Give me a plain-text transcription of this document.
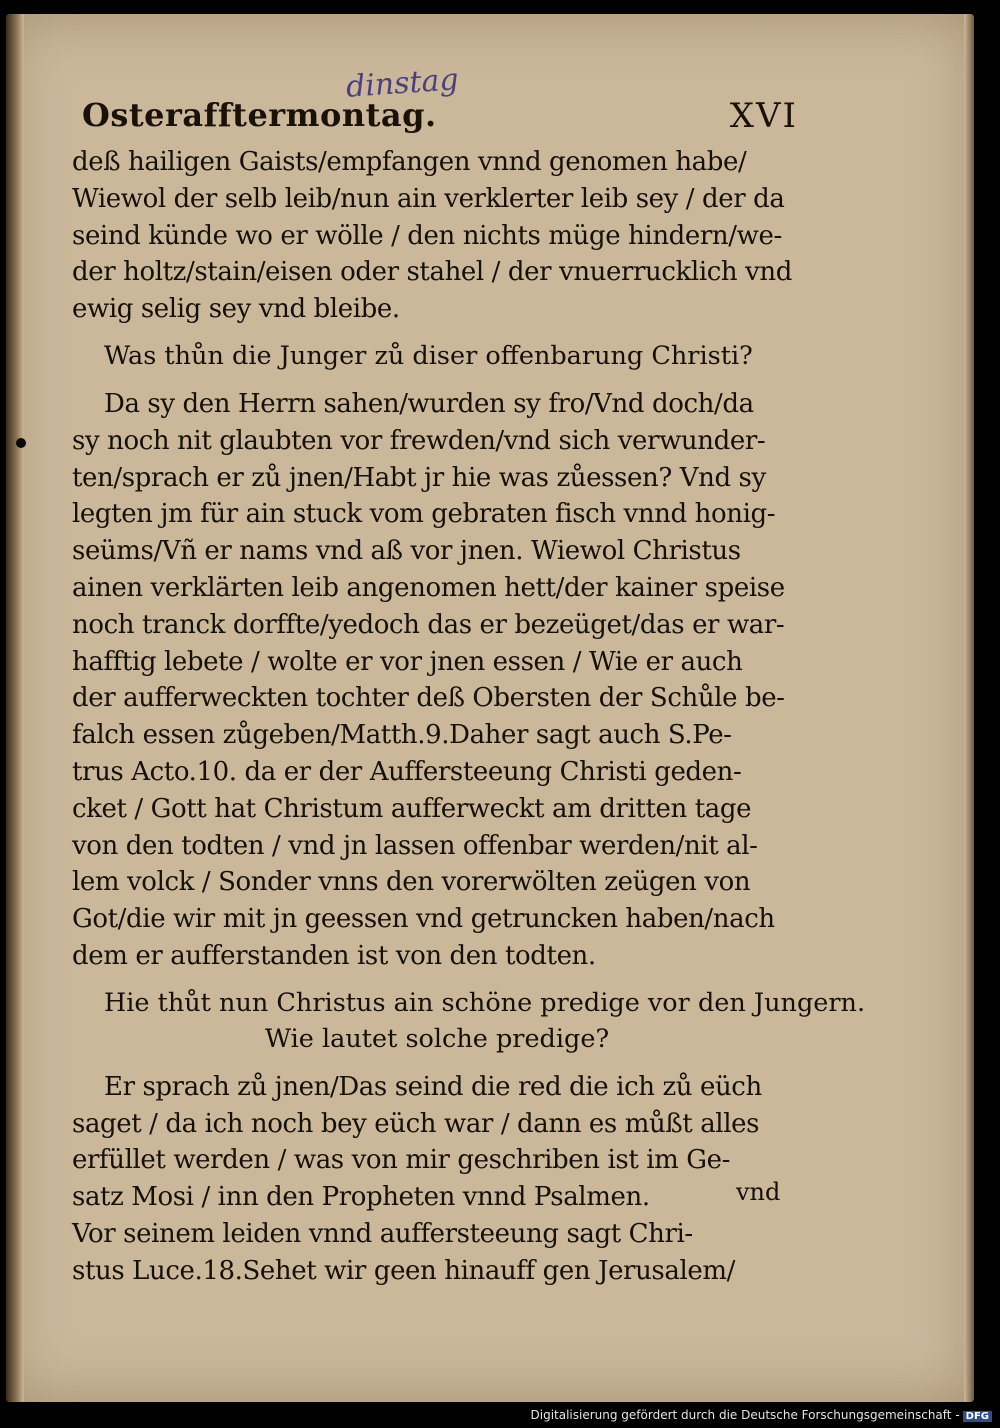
dinstag
Osterafftermontag.	XVI
deß hailigen Gaists/empfangen vnnd genomen habe/
Wiewol der selb leib/nun ain verklerter leib sey / der da
seind künde wo er wölle / den nichts müge hindern/we-
der holtz/stain/eisen oder stahel / der vnuerrucklich vnd
ewig selig sey vnd bleibe.
Was thůn die Junger zů diser offenbarung Christi?
Da sy den Herrn sahen/wurden sy fro/Vnd doch/da
sy noch nit glaubten vor frewden/vnd sich verwunder-
ten/sprach er zů jnen/Habt jr hie was zůessen? Vnd sy
legten jm für ain stuck vom gebraten fisch vnnd honig-
seüms/Vñ er nams vnd aß vor jnen. Wiewol Christus
ainen verklärten leib angenomen hett/der kainer speise
noch tranck dorffte/yedoch das er bezeüget/das er war-
hafftig lebete / wolte er vor jnen essen / Wie er auch
der aufferweckten tochter deß Obersten der Schůle be-
falch essen zůgeben/Matth.9.Daher sagt auch S.Pe-
trus Acto.10. da er der Aufferstеeung Christi geden-
cket / Gott hat Christum aufferweckt am dritten tage
von den todten / vnd jn lassen offenbar werden/nit al-
lem volck / Sonder vnns den vorerwölten zeügen von
Got/die wir mit jn geessen vnd getruncken haben/nach
dem er aufferstanden ist von den todten.
Hie thůt nun Christus ain schöne predige vor den Jungern.
Wie lautet solche predige?
Er sprach zů jnen/Das seind die red die ich zů eüch
saget / da ich noch bey eüch war / dann es můßt alles
erfüllet werden / was von mir geschriben ist im Ge-
satz Mosi / inn den Propheten vnnd Psalmen.
Vor seinem leiden vnnd aufferstееung sagt Chri-
stus Luce.18.Sehet wir geen hinauff gen Jerusalem/
vnd
Digitalisierung gefördert durch die Deutsche Forschungsgemeinschaft - DFG
